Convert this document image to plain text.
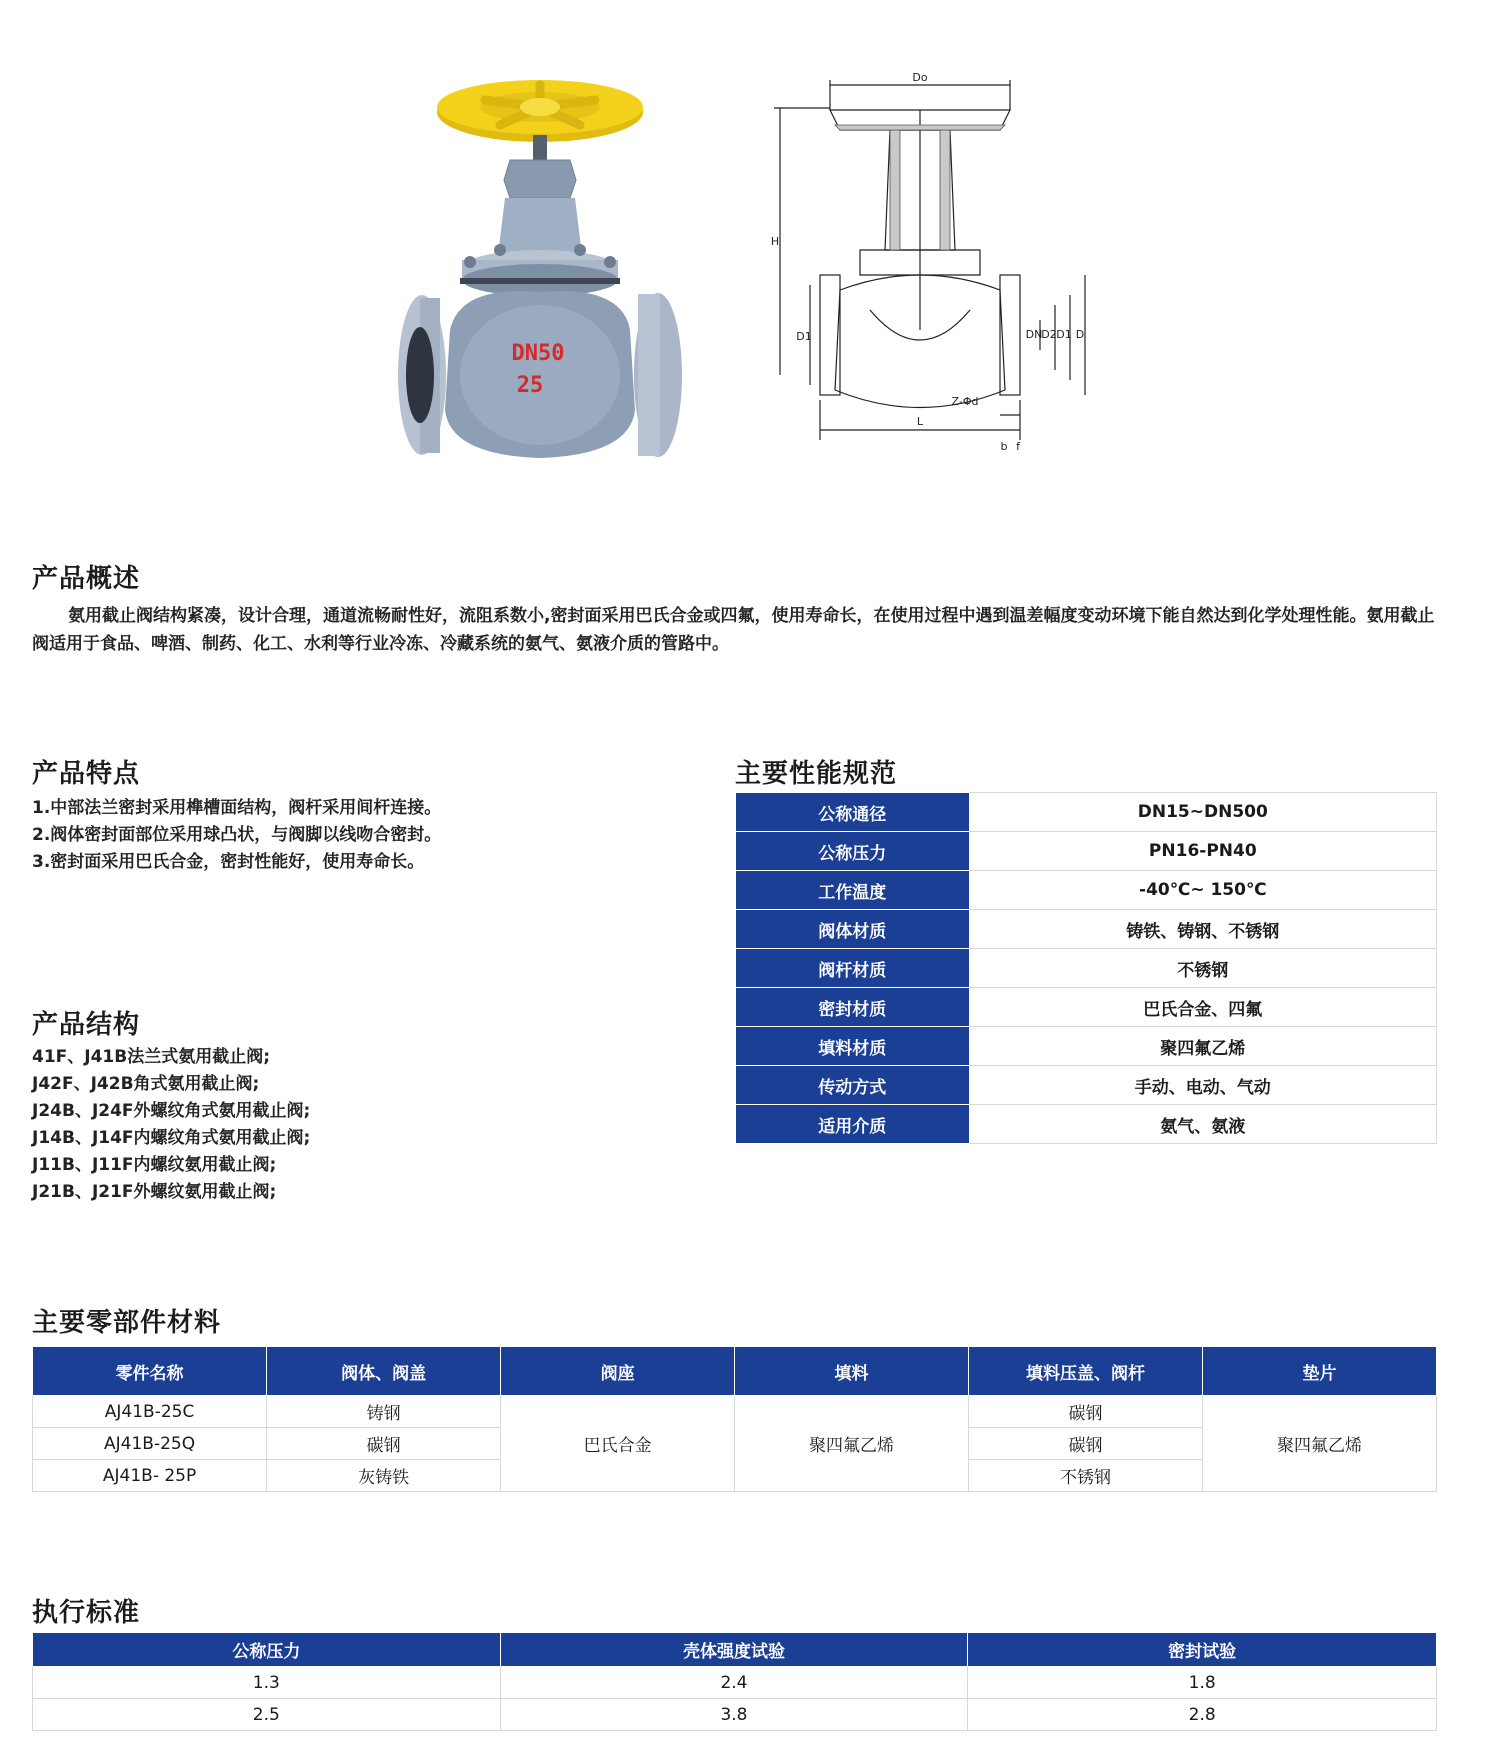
DN50
25
Do
H
D1	DN
D2 D1 D
Z-Φd
L
b f
产品概述
氨用截止阀结构紧凑，设计合理，通道流畅耐性好，流阻系数小,密封面采用巴氏合金或四氟，使用寿命长，在使用过程中遇到温差幅度变动环境下能自然达到化学处理性能。氨用截止阀适用于食品、啤酒、制药、化工、水利等行业冷冻、冷藏系统的氨气、氨液介质的管路中。
产品特点
1.中部法兰密封采用榫槽面结构，阀杆采用间杆连接。
2.阀体密封面部位采用球凸状，与阀脚以线吻合密封。
3.密封面采用巴氏合金，密封性能好，使用寿命长。
产品结构
41F、J41B法兰式氨用截止阀;
J42F、J42B角式氨用截止阀;
J24B、J24F外螺纹角式氨用截止阀;
J14B、J14F内螺纹角式氨用截止阀;
J11B、J11F内螺纹氨用截止阀;
J21B、J21F外螺纹氨用截止阀;
主要性能规范
公称通径	DN15~DN500
公称压力	PN16-PN40
工作温度	-40℃~ 150℃
阀体材质	铸铁、铸钢、不锈钢
阀杆材质	不锈钢
密封材质	巴氏合金、四氟
填料材质	聚四氟乙烯
传动方式	手动、电动、气动
适用介质	氨气、氨液
主要零部件材料
零件名称	阀体、阀盖	阀座	填料	填料压盖、阀杆	垫片
AJ41B-25C	铸钢	巴氏合金	聚四氟乙烯	碳钢	聚四氟乙烯
AJ41B-25Q	碳钢			碳钢	
AJ41B- 25P	灰铸铁			不锈钢	
执行标准
公称压力	壳体强度试验	密封试验
1.3	2.4	1.8
2.5	3.8	2.8
